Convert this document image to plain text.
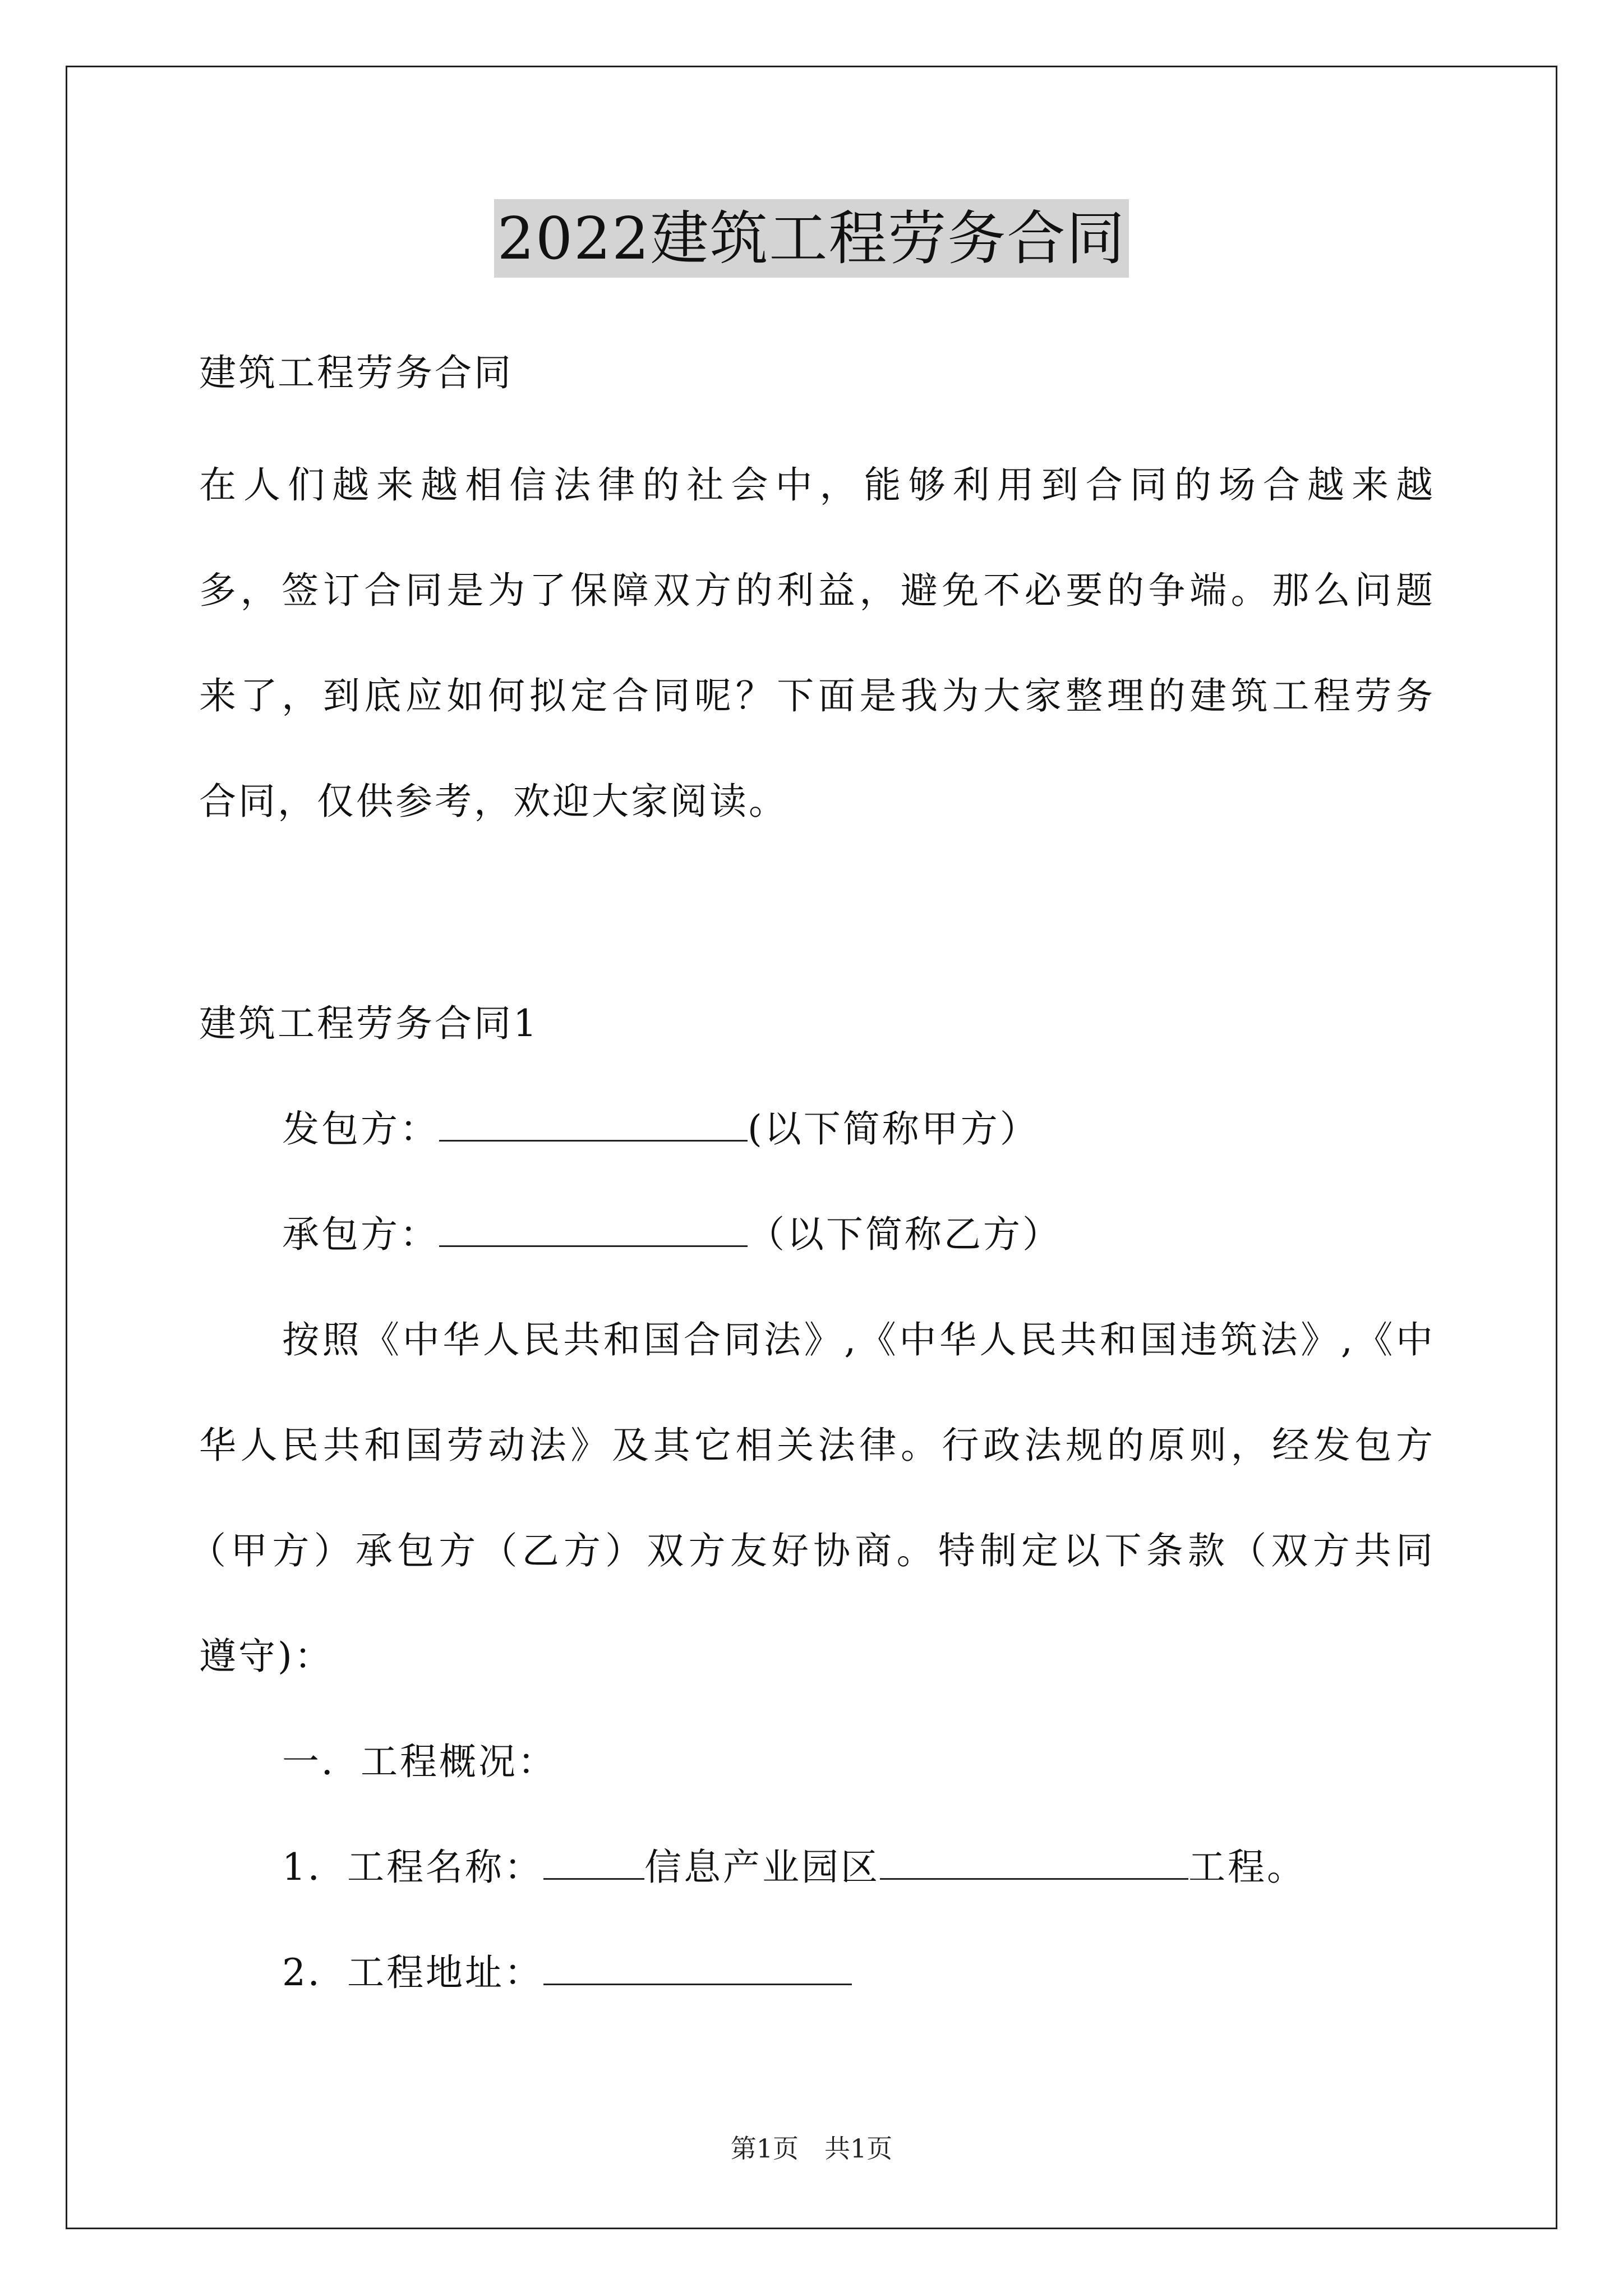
2022建筑工程劳务合同
建筑工程劳务合同
在人们越来越相信法律的社会中，能够利用到合同的场合越来越
多，签订合同是为了保障双方的利益，避免不必要的争端。那么问题
来了，到底应如何拟定合同呢？下面是我为大家整理的建筑工程劳务
合同，仅供参考，欢迎大家阅读。
建筑工程劳务合同1
发包方：	(以下简称甲方）
承包方：	（以下简称乙方）
按照《中华人民共和国合同法》,《中华人民共和国违筑法》,《中
华人民共和国劳动法》及其它相关法律。行政法规的原则，经发包方
（甲方）承包方（乙方）双方友好协商。特制定以下条款（双方共同
遵守)：
一．工程概况：
1．工程名称：	信息产业园区	工程。
2．工程地址：
第1页　共1页
